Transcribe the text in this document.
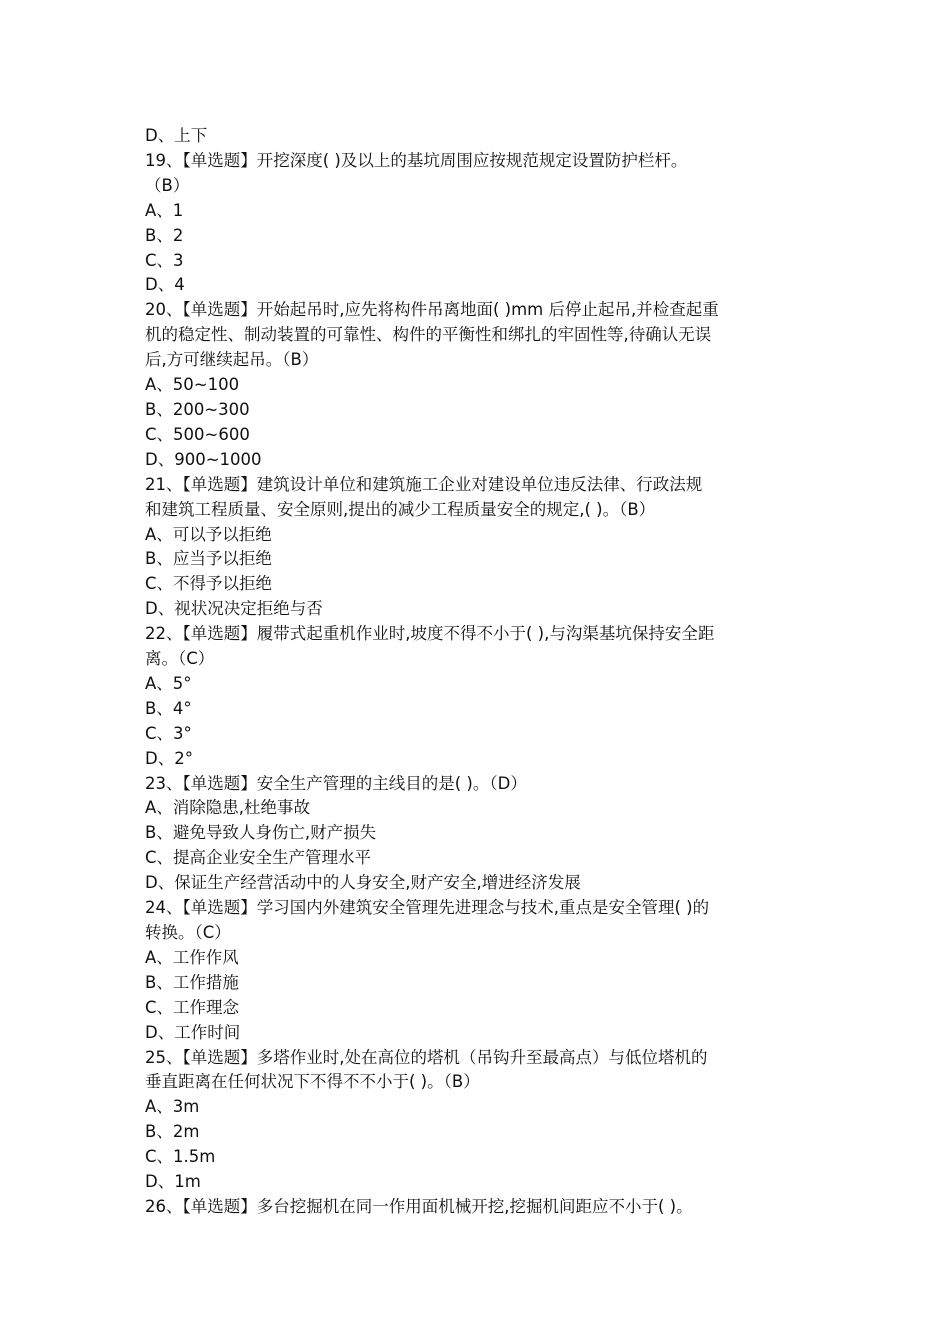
D、上下

19、【单选题】开挖深度( )及以上的基坑周围应按规范规定设置防护栏杆。

（B）

A、1

B、2

C、3

D、4

20、【单选题】开始起吊时,应先将构件吊离地面( )mm 后停止起吊,并检查起重

机的稳定性、制动装置的可靠性、构件的平衡性和绑扎的牢固性等,待确认无误

后,方可继续起吊。（B）

A、50~100

B、200~300

C、500~600

D、900~1000

21、【单选题】建筑设计单位和建筑施工企业对建设单位违反法律、行政法规

和建筑工程质量、安全原则,提出的减少工程质量安全的规定,( )。（B）

A、可以予以拒绝

B、应当予以拒绝

C、不得予以拒绝

D、视状况决定拒绝与否

22、【单选题】履带式起重机作业时,坡度不得不小于( ),与沟渠基坑保持安全距

离。（C）

A、5°

B、4°

C、3°

D、2°

23、【单选题】安全生产管理的主线目的是( )。（D）

A、消除隐患,杜绝事故

B、避免导致人身伤亡,财产损失

C、提高企业安全生产管理水平

D、保证生产经营活动中的人身安全,财产安全,增进经济发展

24、【单选题】学习国内外建筑安全管理先进理念与技术,重点是安全管理( )的

转换。（C）

A、工作作风

B、工作措施

C、工作理念

D、工作时间

25、【单选题】多塔作业时,处在高位的塔机（吊钩升至最高点）与低位塔机的

垂直距离在任何状况下不得不不小于( )。（B）

A、3m

B、2m

C、1.5m

D、1m

26、【单选题】多台挖掘机在同一作用面机械开挖,挖掘机间距应不小于( )。
